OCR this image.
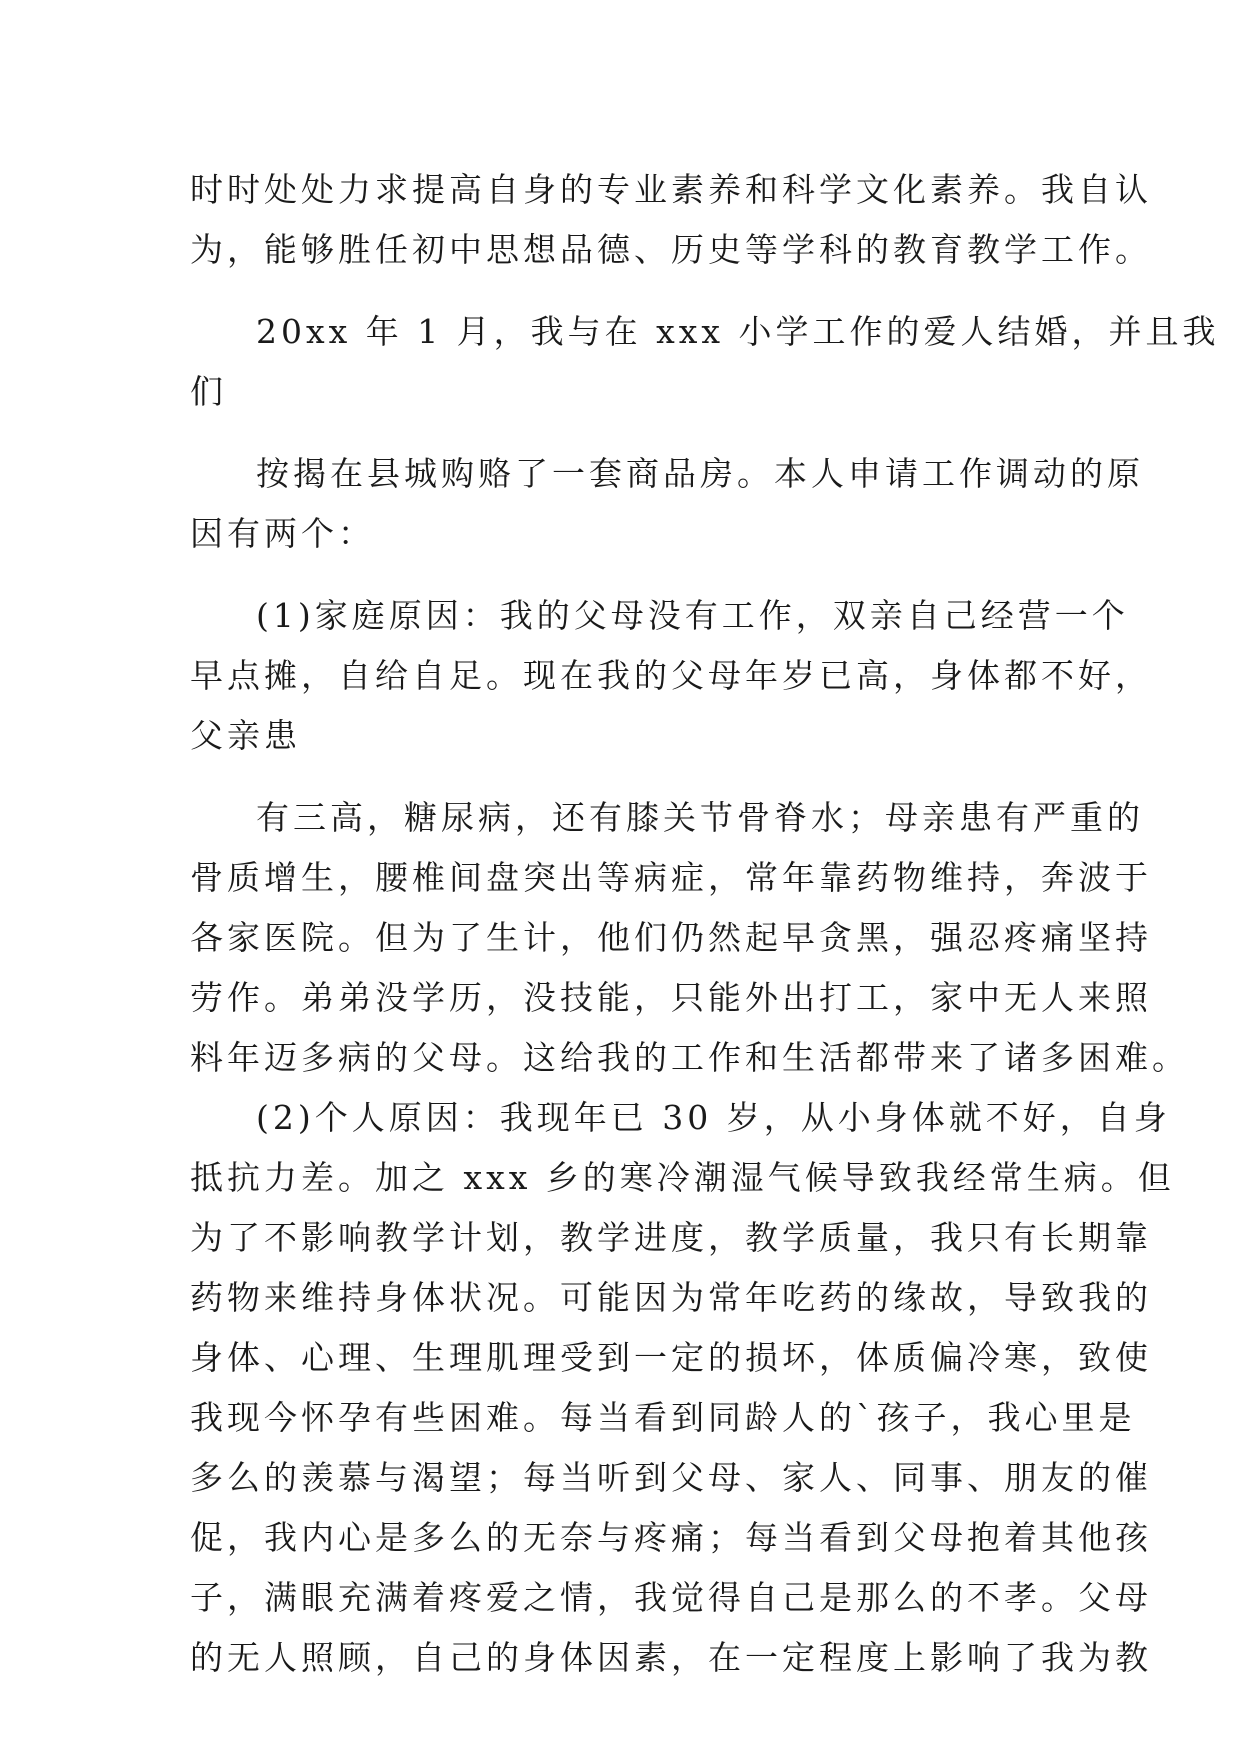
时时处处力求提高自身的专业素养和科学文化素养。我自认
为，能够胜任初中思想品德、历史等学科的教育教学工作。
20xx 年 1 月，我与在 xxx 小学工作的爱人结婚，并且我
们
按揭在县城购赂了一套商品房。本人申请工作调动的原
因有两个：
(1)家庭原因：我的父母没有工作，双亲自己经营一个
早点摊，自给自足。现在我的父母年岁已高，身体都不好，
父亲患
有三高，糖尿病，还有膝关节骨脊水；母亲患有严重的
骨质增生，腰椎间盘突出等病症，常年靠药物维持，奔波于
各家医院。但为了生计，他们仍然起早贪黑，强忍疼痛坚持
劳作。弟弟没学历，没技能，只能外出打工，家中无人来照
料年迈多病的父母。这给我的工作和生活都带来了诸多困难。
(2)个人原因：我现年已 30 岁，从小身体就不好，自身
抵抗力差。加之 xxx 乡的寒冷潮湿气候导致我经常生病。但
为了不影响教学计划，教学进度，教学质量，我只有长期靠
药物来维持身体状况。可能因为常年吃药的缘故，导致我的
身体、心理、生理肌理受到一定的损坏，体质偏冷寒，致使
我现今怀孕有些困难。每当看到同龄人的`孩子，我心里是
多么的羡慕与渴望；每当听到父母、家人、同事、朋友的催
促，我内心是多么的无奈与疼痛；每当看到父母抱着其他孩
子，满眼充满着疼爱之情，我觉得自己是那么的不孝。父母
的无人照顾，自己的身体因素，在一定程度上影响了我为教
